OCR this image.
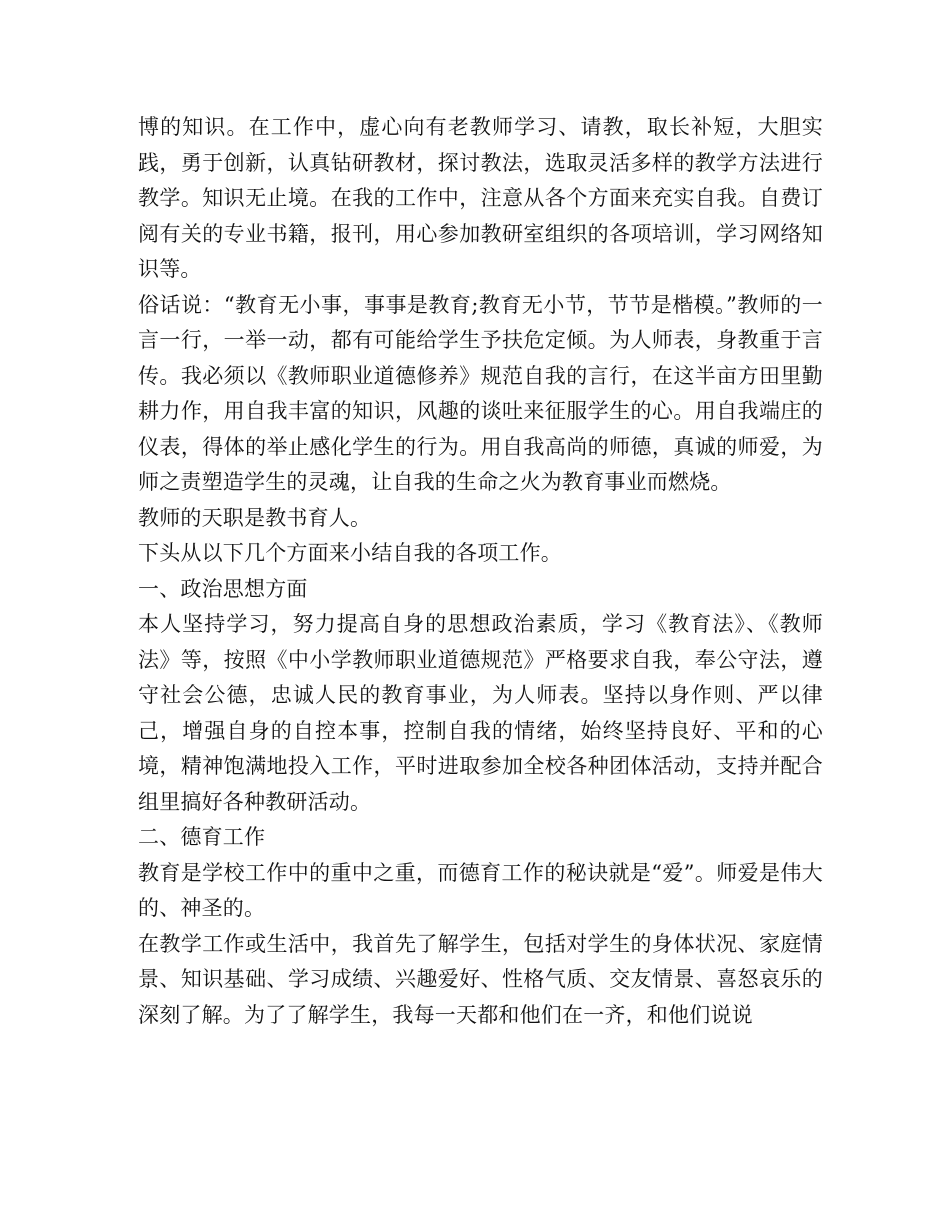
博的知识。在工作中，虚心向有老教师学习、请教，取长补短，大胆实践，勇于创新，认真钻研教材，探讨教法，选取灵活多样的教学方法进行教学。知识无止境。在我的工作中，注意从各个方面来充实自我。自费订阅有关的专业书籍，报刊，用心参加教研室组织的各项培训，学习网络知识等。

俗话说：“教育无小事，事事是教育;教育无小节，节节是楷模。”教师的一言一行，一举一动，都有可能给学生予扶危定倾。为人师表，身教重于言传。我必须以《教师职业道德修养》规范自我的言行，在这半亩方田里勤耕力作，用自我丰富的知识，风趣的谈吐来征服学生的心。用自我端庄的仪表，得体的举止感化学生的行为。用自我高尚的师德，真诚的师爱，为师之责塑造学生的灵魂，让自我的生命之火为教育事业而燃烧。

教师的天职是教书育人。

下头从以下几个方面来小结自我的各项工作。

一、政治思想方面

本人坚持学习，努力提高自身的思想政治素质，学习《教育法》、《教师法》等，按照《中小学教师职业道德规范》严格要求自我，奉公守法，遵守社会公德，忠诚人民的教育事业，为人师表。坚持以身作则、严以律己，增强自身的自控本事，控制自我的情绪，始终坚持良好、平和的心境，精神饱满地投入工作，平时进取参加全校各种团体活动，支持并配合组里搞好各种教研活动。

二、德育工作

教育是学校工作中的重中之重，而德育工作的秘诀就是“爱”。师爱是伟大的、神圣的。

在教学工作或生活中，我首先了解学生，包括对学生的身体状况、家庭情景、知识基础、学习成绩、兴趣爱好、性格气质、交友情景、喜怒哀乐的深刻了解。为了了解学生，我每一天都和他们在一齐，和他们说说
